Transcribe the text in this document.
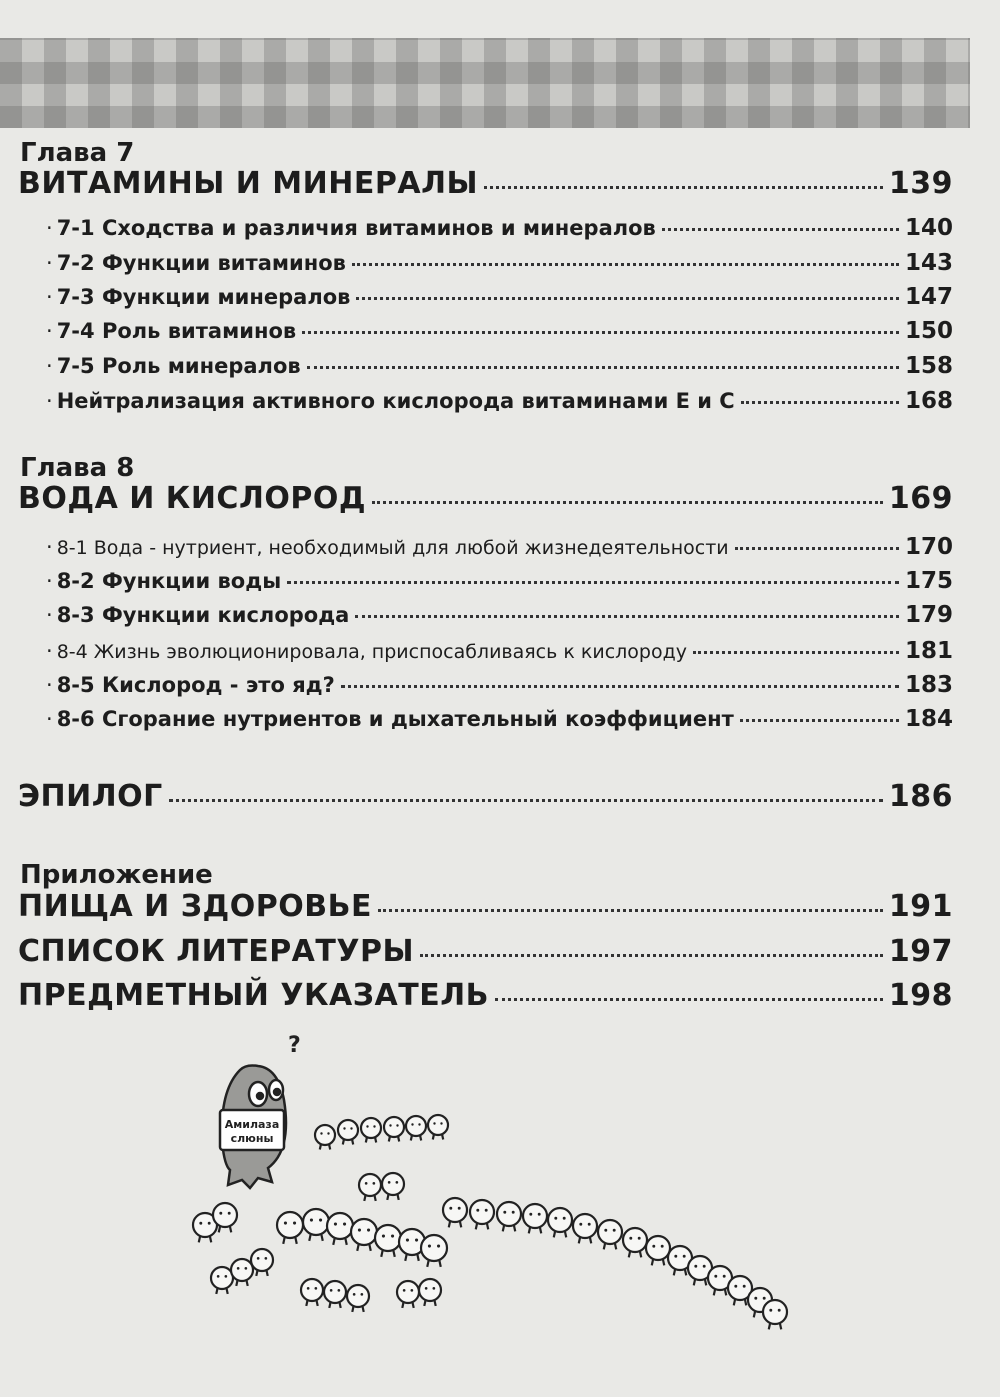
Глава 7
ВИТАМИНЫ И МИНЕРАЛЫ	139
· 7-1 Сходства и различия витаминов и минералов	140
· 7-2 Функции витаминов	143
· 7-3 Функции минералов	147
· 7-4 Роль витаминов	150
· 7-5 Роль минералов	158
· Нейтрализация активного кислорода витаминами Е и С	168
Глава 8
ВОДА И КИСЛОРОД	169
· 8-1 Вода - нутриент, необходимый для любой жизнедеятельности	170
· 8-2 Функции воды	175
· 8-3 Функции кислорода	179
· 8-4 Жизнь эволюционировала, приспосабливаясь к кислороду	181
· 8-5 Кислород - это яд?	183
· 8-6 Сгорание нутриентов и дыхательный коэффициент	184
ЭПИЛОГ	186
Приложение
ПИЩА И ЗДОРОВЬЕ	191
СПИСОК ЛИТЕРАТУРЫ	197
ПРЕДМЕТНЫЙ УКАЗАТЕЛЬ	198
?
Амилаза
слюны
